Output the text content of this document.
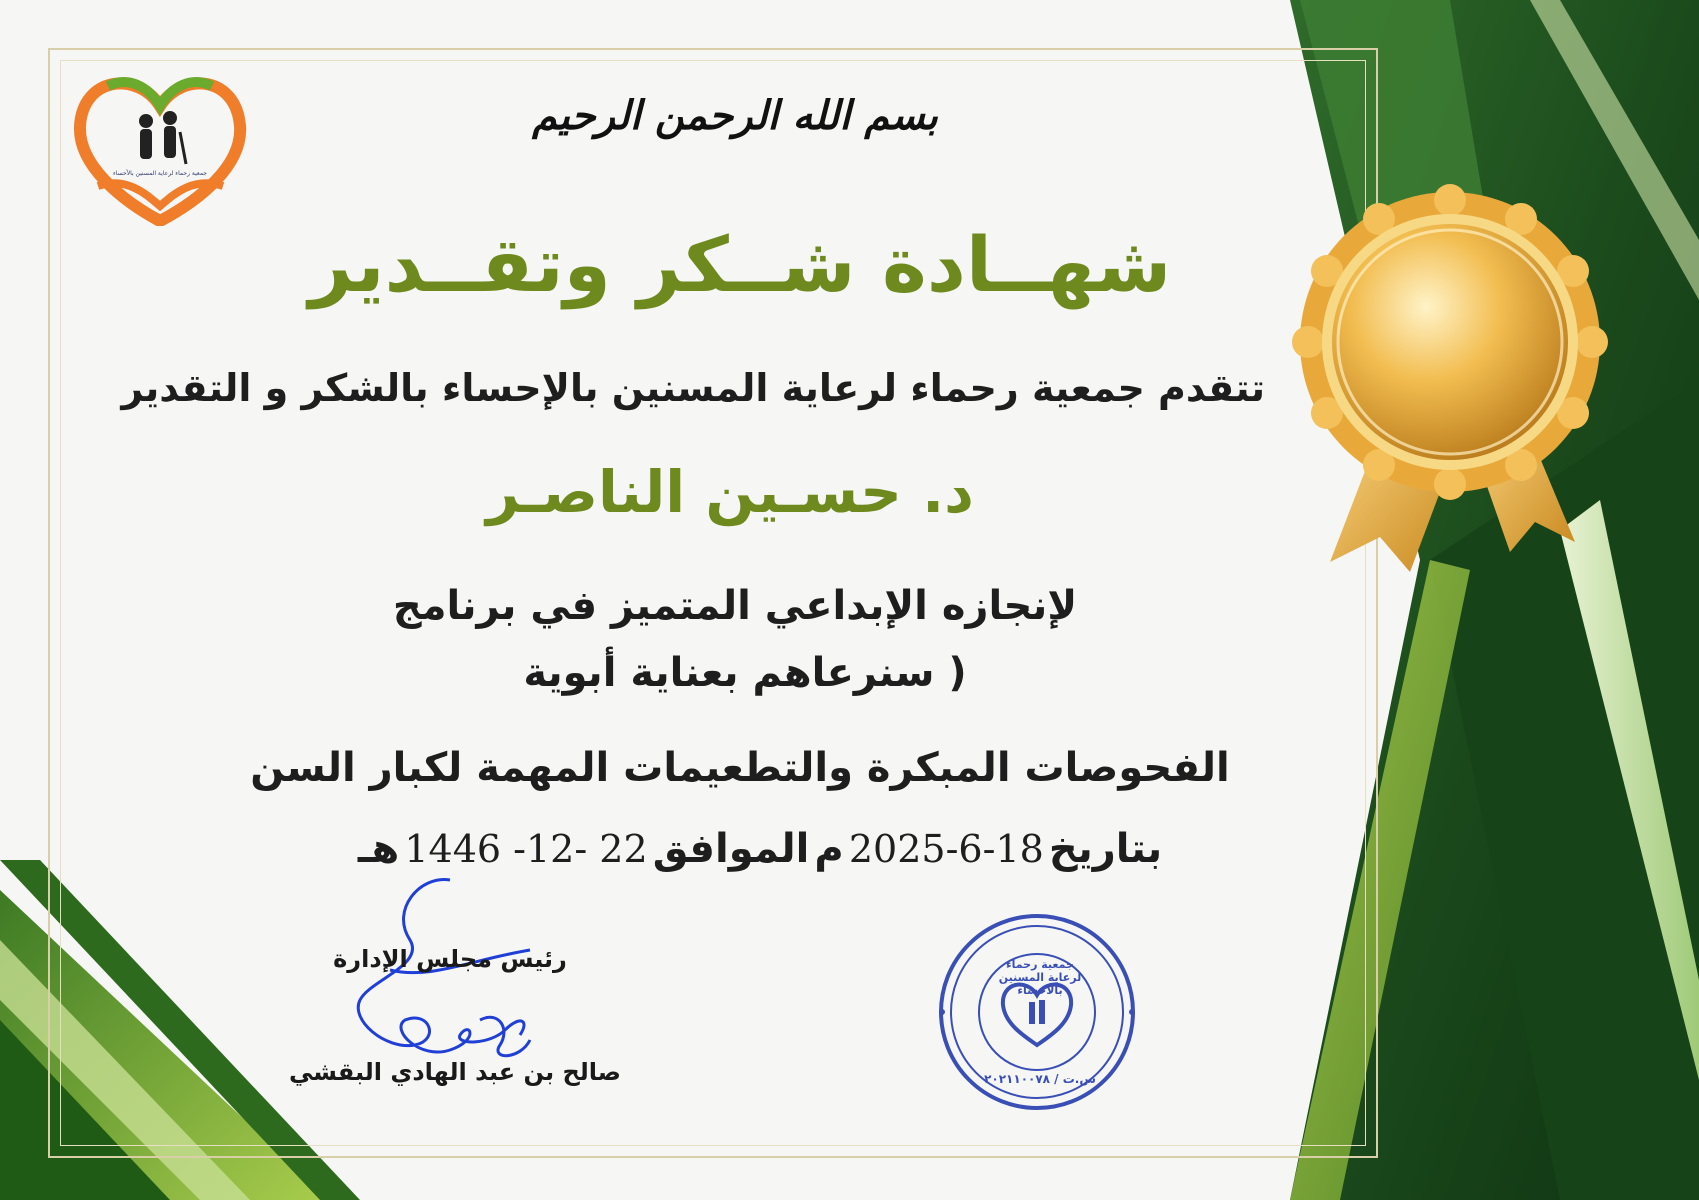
جمعية رحماء لرعاية المسنين بالأحساء
بسم الله الرحمن الرحيم
شهــادة شــكر وتقــدير
تتقدم جمعية رحماء لرعاية المسنين بالإحساء بالشكر و التقدير
د. حسـين الناصـر
لإنجازه الإبداعي المتميز في برنامج
( سنرعاهم بعناية أبوية
الفحوصات المبكرة والتطعيمات المهمة لكبار السن
بتاريخ 18-6-2025 م الموافق 22 -12- 1446 هـ
رئيس مجلس الإدارة
صالح بن عبد الهادي البقشي
جمعية رحماء لرعاية المسنين بالاحساء
س.ت / ٢٠٢١١٠٠٧٨
